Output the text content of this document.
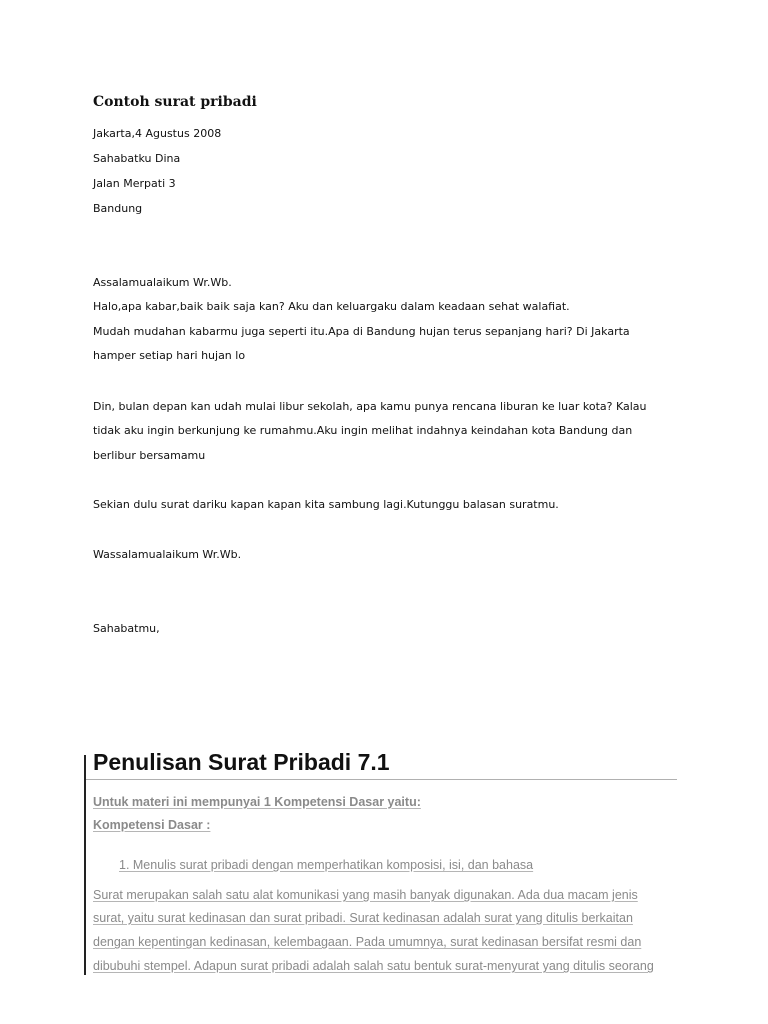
Contoh surat pribadi

Jakarta,4 Agustus 2008

Sahabatku Dina

Jalan Merpati 3

Bandung

Assalamualaikum Wr.Wb.

Halo,apa kabar,baik baik saja kan? Aku dan keluargaku dalam keadaan sehat walafiat.

Mudah mudahan kabarmu juga seperti itu.Apa di Bandung hujan terus sepanjang hari? Di Jakarta

hamper setiap hari hujan lo

Din, bulan depan kan udah mulai libur sekolah, apa kamu punya rencana liburan ke luar kota? Kalau

tidak aku ingin berkunjung ke rumahmu.Aku ingin melihat indahnya keindahan kota Bandung dan

berlibur bersamamu

Sekian dulu surat dariku kapan kapan kita sambung lagi.Kutunggu balasan suratmu.

Wassalamualaikum Wr.Wb.

Sahabatmu,

Penulisan Surat Pribadi 7.1

Untuk materi ini mempunyai 1 Kompetensi Dasar yaitu:

Kompetensi Dasar :

1. Menulis surat pribadi dengan memperhatikan komposisi, isi, dan bahasa

Surat merupakan salah satu alat komunikasi yang masih banyak digunakan. Ada dua macam jenis

surat, yaitu surat kedinasan dan surat pribadi. Surat kedinasan adalah surat yang ditulis berkaitan

dengan kepentingan kedinasan, kelembagaan. Pada umumnya, surat kedinasan bersifat resmi dan

dibubuhi stempel. Adapun surat pribadi adalah salah satu bentuk surat-menyurat yang ditulis seorang
